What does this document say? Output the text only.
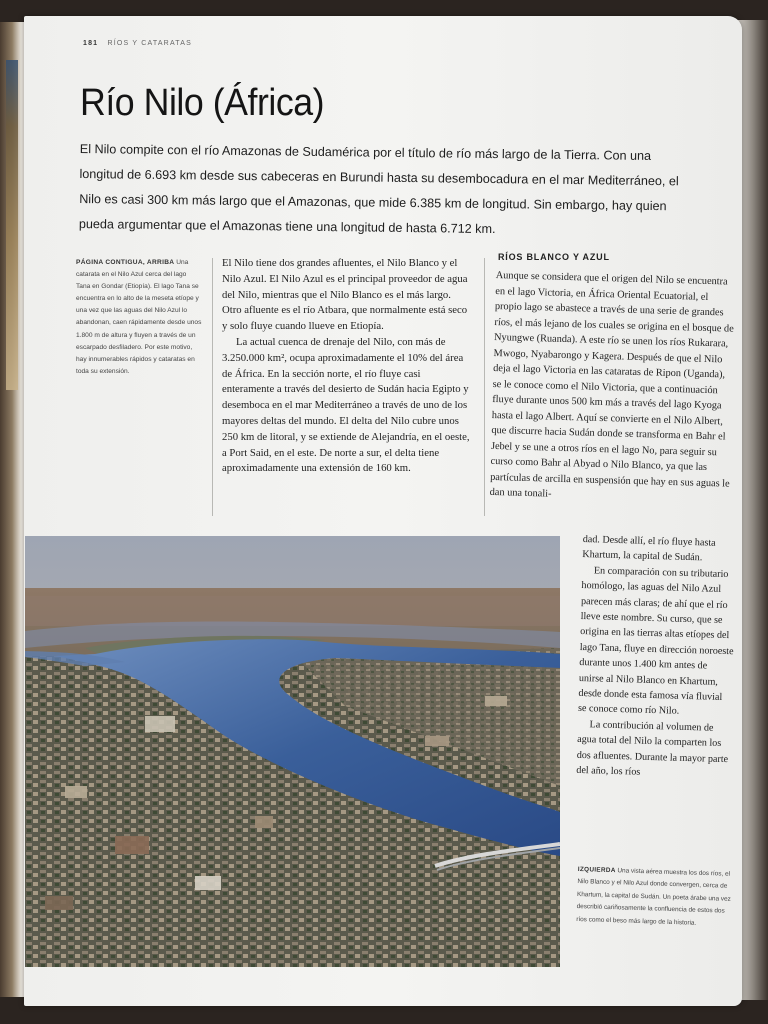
181 RÍOS Y CATARATAS
Río Nilo (África)

El Nilo compite con el río Amazonas de Sudamérica por el título de río más largo de la Tierra. Con una longitud de 6.693 km desde sus cabeceras en Burundi hasta su desembocadura en el mar Mediterráneo, el Nilo es casi 300 km más largo que el Amazonas, que mide 6.385 km de longitud. Sin embargo, hay quien pueda argumentar que el Amazonas tiene una longitud de hasta 6.712 km.

PÁGINA CONTIGUA, ARRIBA Una catarata en el Nilo Azul cerca del lago Tana en Gondar (Etiopía). El lago Tana se encuentra en lo alto de la meseta etíope y una vez que las aguas del Nilo Azul lo abandonan, caen rápidamente desde unos 1.800 m de altura y fluyen a través de un escarpado desfiladero. Por este motivo, hay innumerables rápidos y cataratas en toda su extensión.

El Nilo tiene dos grandes afluentes, el Nilo Blanco y el Nilo Azul. El Nilo Azul es el principal proveedor de agua del Nilo, mientras que el Nilo Blanco es el más largo. Otro afluente es el río Atbara, que normalmente está seco y solo fluye cuando llueve en Etiopía.

La actual cuenca de drenaje del Nilo, con más de 3.250.000 km², ocupa aproximadamente el 10% del área de África. En la sección norte, el río fluye casi enteramente a través del desierto de Sudán hacia Egipto y desemboca en el mar Mediterráneo a través de uno de los mayores deltas del mundo. El delta del Nilo cubre unos 250 km de litoral, y se extiende de Alejandría, en el oeste, a Port Said, en el este. De norte a sur, el delta tiene aproximadamente una extensión de 160 km.

RÍOS BLANCO Y AZUL

Aunque se considera que el origen del Nilo se encuentra en el lago Victoria, en África Oriental Ecuatorial, el propio lago se abastece a través de una serie de grandes ríos, el más lejano de los cuales se origina en el bosque de Nyungwe (Ruanda). A este río se unen los ríos Rukarara, Mwogo, Nyabarongo y Kagera. Después de que el Nilo deja el lago Victoria en las cataratas de Ripon (Uganda), se le conoce como el Nilo Victoria, que a continuación fluye durante unos 500 km más a través del lago Kyoga hasta el lago Albert. Aquí se convierte en el Nilo Albert, que discurre hacia Sudán donde se transforma en Bahr el Jebel y se une a otros ríos en el lago No, para seguir su curso como Bahr al Abyad o Nilo Blanco, ya que las partículas de arcilla en suspensión que hay en sus aguas le dan una tonali-

dad. Desde allí, el río fluye hasta Khartum, la capital de Sudán.

En comparación con su tributario homólogo, las aguas del Nilo Azul parecen más claras; de ahí que el río lleve este nombre. Su curso, que se origina en las tierras altas etíopes del lago Tana, fluye en dirección noroeste durante unos 1.400 km antes de unirse al Nilo Blanco en Khartum, desde donde esta famosa vía fluvial se conoce como río Nilo.

La contribución al volumen de agua total del Nilo la comparten los dos afluentes. Durante la mayor parte del año, los ríos

IZQUIERDA Una vista aérea muestra los dos ríos, el Nilo Blanco y el Nilo Azul donde convergen, cerca de Khartum, la capital de Sudán. Un poeta árabe una vez describió cariñosamente la confluencia de estos dos ríos como el beso más largo de la historia.
